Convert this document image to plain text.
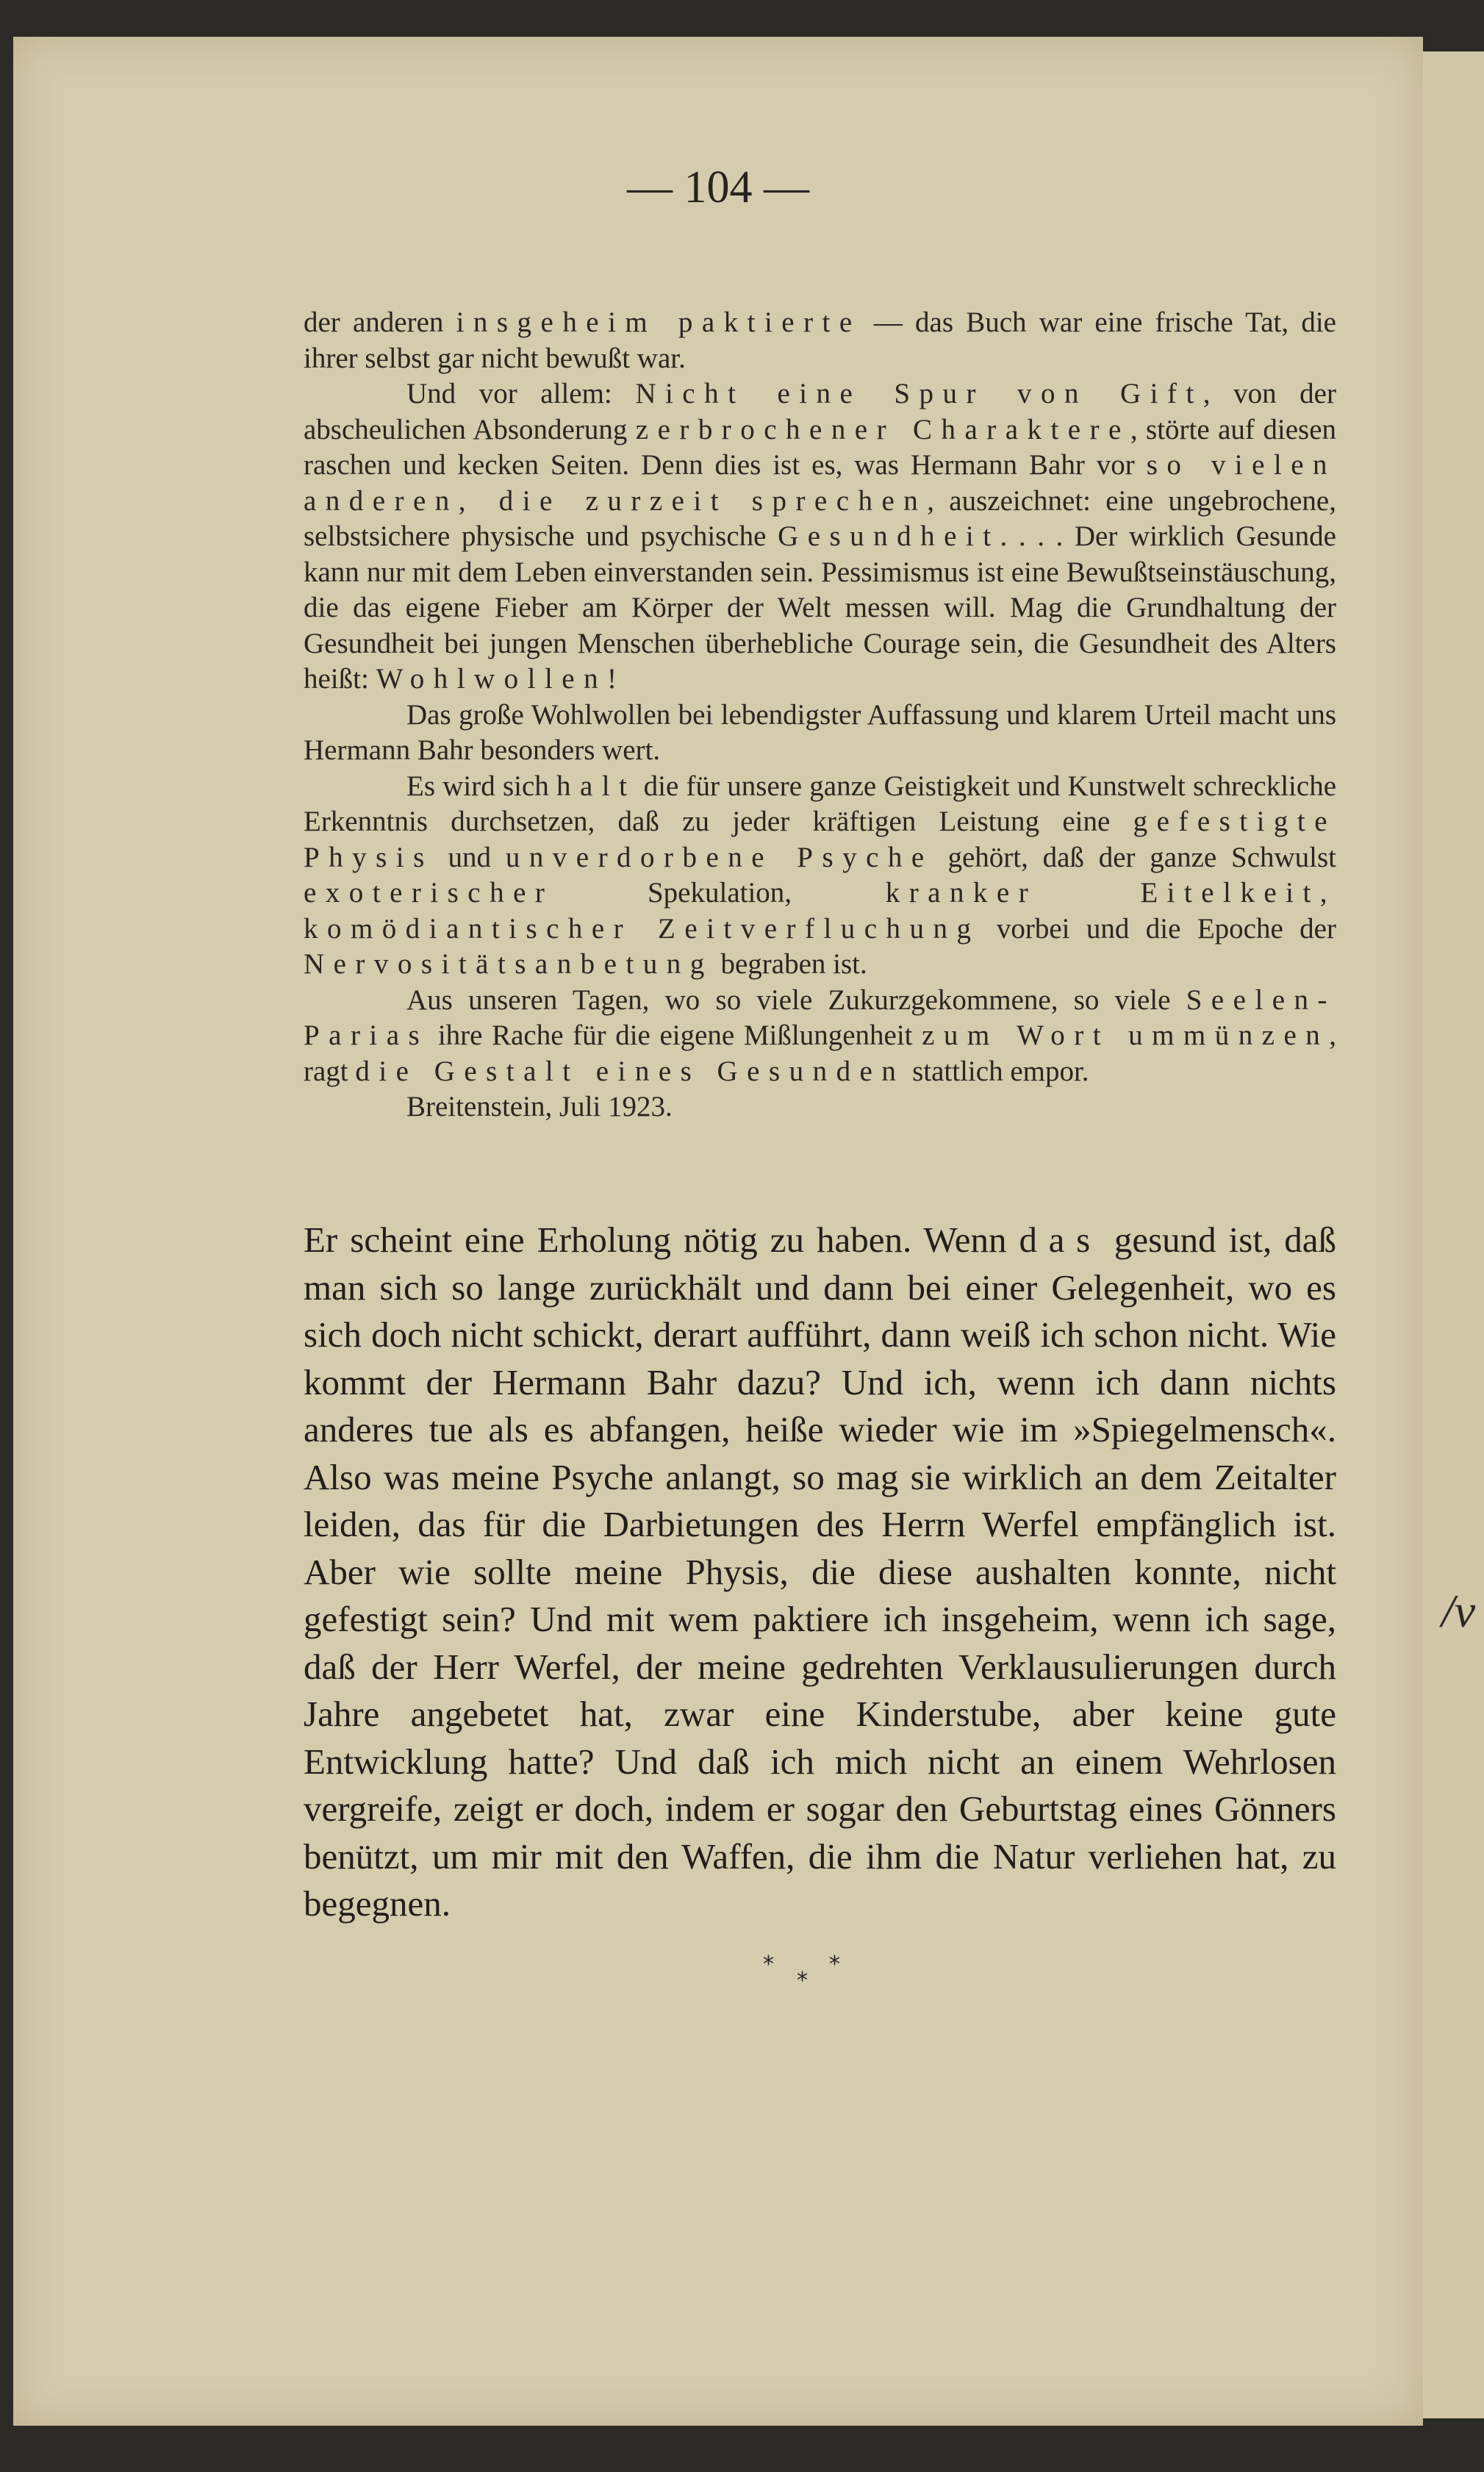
/v
— 104 —

der anderen insgeheim paktierte — das Buch war eine frische Tat, die ihrer selbst gar nicht bewußt war.

Und vor allem: Nicht eine Spur von Gift, von der abscheulichen Absonderung zerbrochener Charaktere, störte auf diesen raschen und kecken Seiten. Denn dies ist es, was Hermann Bahr vor so vielen anderen, die zurzeit sprechen, auszeichnet: eine ungebrochene, selbstsichere physische und psychische Gesundheit. . . . Der wirklich Gesunde kann nur mit dem Leben einverstanden sein. Pessimismus ist eine Bewußtseinstäuschung, die das eigene Fieber am Körper der Welt messen will. Mag die Grundhaltung der Gesundheit bei jungen Menschen überhebliche Courage sein, die Gesundheit des Alters heißt: Wohlwollen!

Das große Wohlwollen bei lebendigster Auffassung und klarem Urteil macht uns Hermann Bahr besonders wert.

Es wird sich halt die für unsere ganze Geistigkeit und Kunstwelt schreckliche Erkenntnis durchsetzen, daß zu jeder kräftigen Leistung eine gefestigte Physis und unverdorbene Psyche gehört, daß der ganze Schwulst exoterischer Spekulation, kranker Eitelkeit, komödiantischer Zeitverfluchung vorbei und die Epoche der Nervositätsanbetung begraben ist.

Aus unseren Tagen, wo so viele Zukurzgekommene, so viele Seelen-Parias ihre Rache für die eigene Mißlungenheit zum Wort ummünzen, ragt die Gestalt eines Gesunden stattlich empor.

Breitenstein, Juli 1923.

Er scheint eine Erholung nötig zu haben. Wenn das gesund ist, daß man sich so lange zurückhält und dann bei einer Gelegenheit, wo es sich doch nicht schickt, derart aufführt, dann weiß ich schon nicht. Wie kommt der Hermann Bahr dazu? Und ich, wenn ich dann nichts anderes tue als es abfangen, heiße wieder wie im »Spiegelmensch«. Also was meine Psyche anlangt, so mag sie wirklich an dem Zeitalter leiden, das für die Darbietungen des Herrn Werfel empfänglich ist. Aber wie sollte meine Physis, die diese aushalten konnte, nicht gefestigt sein? Und mit wem paktiere ich insgeheim, wenn ich sage, daß der Herr Werfel, der meine gedrehten Verklausulierungen durch Jahre angebetet hat, zwar eine Kinderstube, aber keine gute Entwicklung hatte? Und daß ich mich nicht an einem Wehrlosen vergreife, zeigt er doch, indem er sogar den Geburtstag eines Gönners benützt, um mir mit den Waffen, die ihm die Natur verliehen hat, zu begegnen.

*	*
*
